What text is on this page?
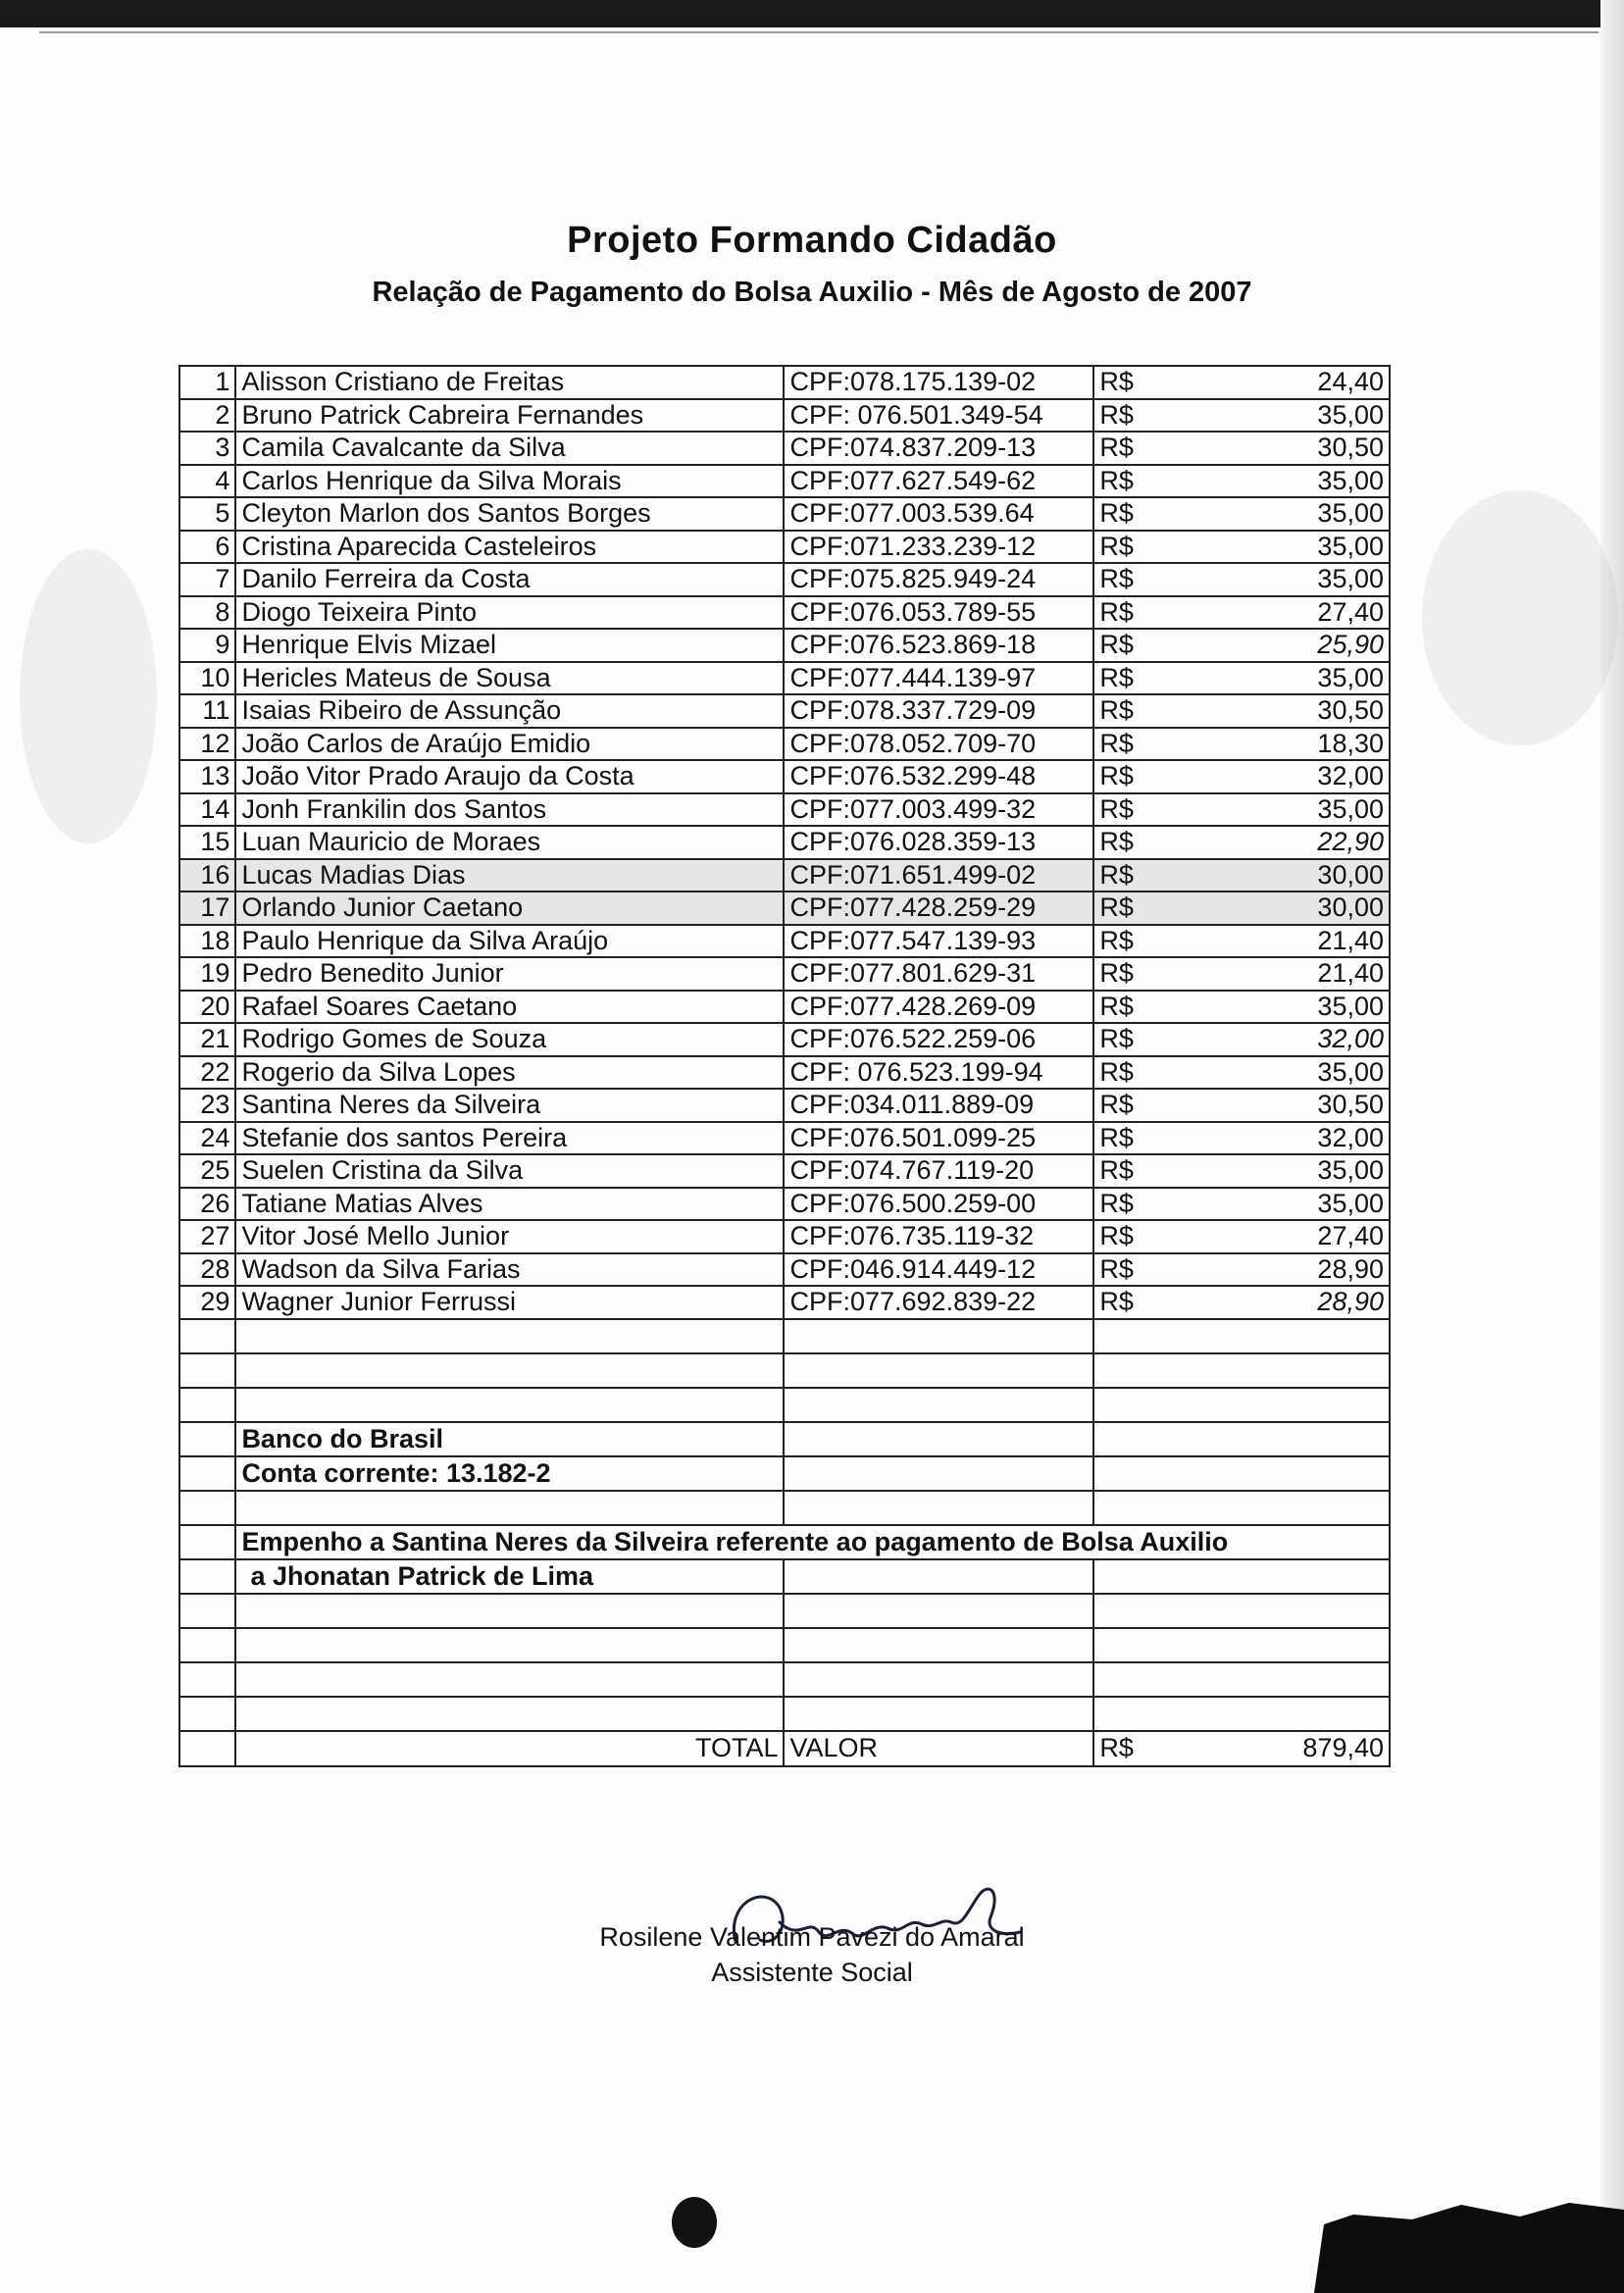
Projeto Formando Cidadão
Relação de Pagamento do Bolsa Auxilio - Mês de Agosto de 2007
1	Alisson Cristiano de Freitas	CPF:078.175.139-02	R$	24,40
2	Bruno Patrick Cabreira Fernandes	CPF: 076.501.349-54	R$	35,00
3	Camila Cavalcante da Silva	CPF:074.837.209-13	R$	30,50
4	Carlos Henrique da Silva Morais	CPF:077.627.549-62	R$	35,00
5	Cleyton Marlon dos Santos Borges	CPF:077.003.539.64	R$	35,00
6	Cristina Aparecida Casteleiros	CPF:071.233.239-12	R$	35,00
7	Danilo Ferreira da Costa	CPF:075.825.949-24	R$	35,00
8	Diogo Teixeira Pinto	CPF:076.053.789-55	R$	27,40
9	Henrique Elvis Mizael	CPF:076.523.869-18	R$	25,90
10	Hericles Mateus de Sousa	CPF:077.444.139-97	R$	35,00
11	Isaias Ribeiro de Assunção	CPF:078.337.729-09	R$	30,50
12	João Carlos de Araújo Emidio	CPF:078.052.709-70	R$	18,30
13	João Vitor Prado Araujo da Costa	CPF:076.532.299-48	R$	32,00
14	Jonh Frankilin dos Santos	CPF:077.003.499-32	R$	35,00
15	Luan Mauricio de Moraes	CPF:076.028.359-13	R$	22,90
16	Lucas Madias Dias	CPF:071.651.499-02	R$	30,00
17	Orlando Junior Caetano	CPF:077.428.259-29	R$	30,00
18	Paulo Henrique da Silva Araújo	CPF:077.547.139-93	R$	21,40
19	Pedro Benedito Junior	CPF:077.801.629-31	R$	21,40
20	Rafael Soares Caetano	CPF:077.428.269-09	R$	35,00
21	Rodrigo Gomes de Souza	CPF:076.522.259-06	R$	32,00
22	Rogerio da Silva Lopes	CPF: 076.523.199-94	R$	35,00
23	Santina Neres da Silveira	CPF:034.011.889-09	R$	30,50
24	Stefanie dos santos Pereira	CPF:076.501.099-25	R$	32,00
25	Suelen Cristina da Silva	CPF:074.767.119-20	R$	35,00
26	Tatiane Matias Alves	CPF:076.500.259-00	R$	35,00
27	Vitor José Mello Junior	CPF:076.735.119-32	R$	27,40
28	Wadson da Silva Farias	CPF:046.914.449-12	R$	28,90
29	Wagner Junior Ferrussi	CPF:077.692.839-22	R$	28,90

	Banco do Brasil			
	Conta corrente: 13.182-2			

	Empenho a Santina Neres da Silveira referente ao pagamento de Bolsa Auxilio			
	a Jhonatan Patrick de Lima			

	TOTAL	VALOR	R$	879,40
Rosilene Valentim Pavezi do Amaral
Assistente Social
